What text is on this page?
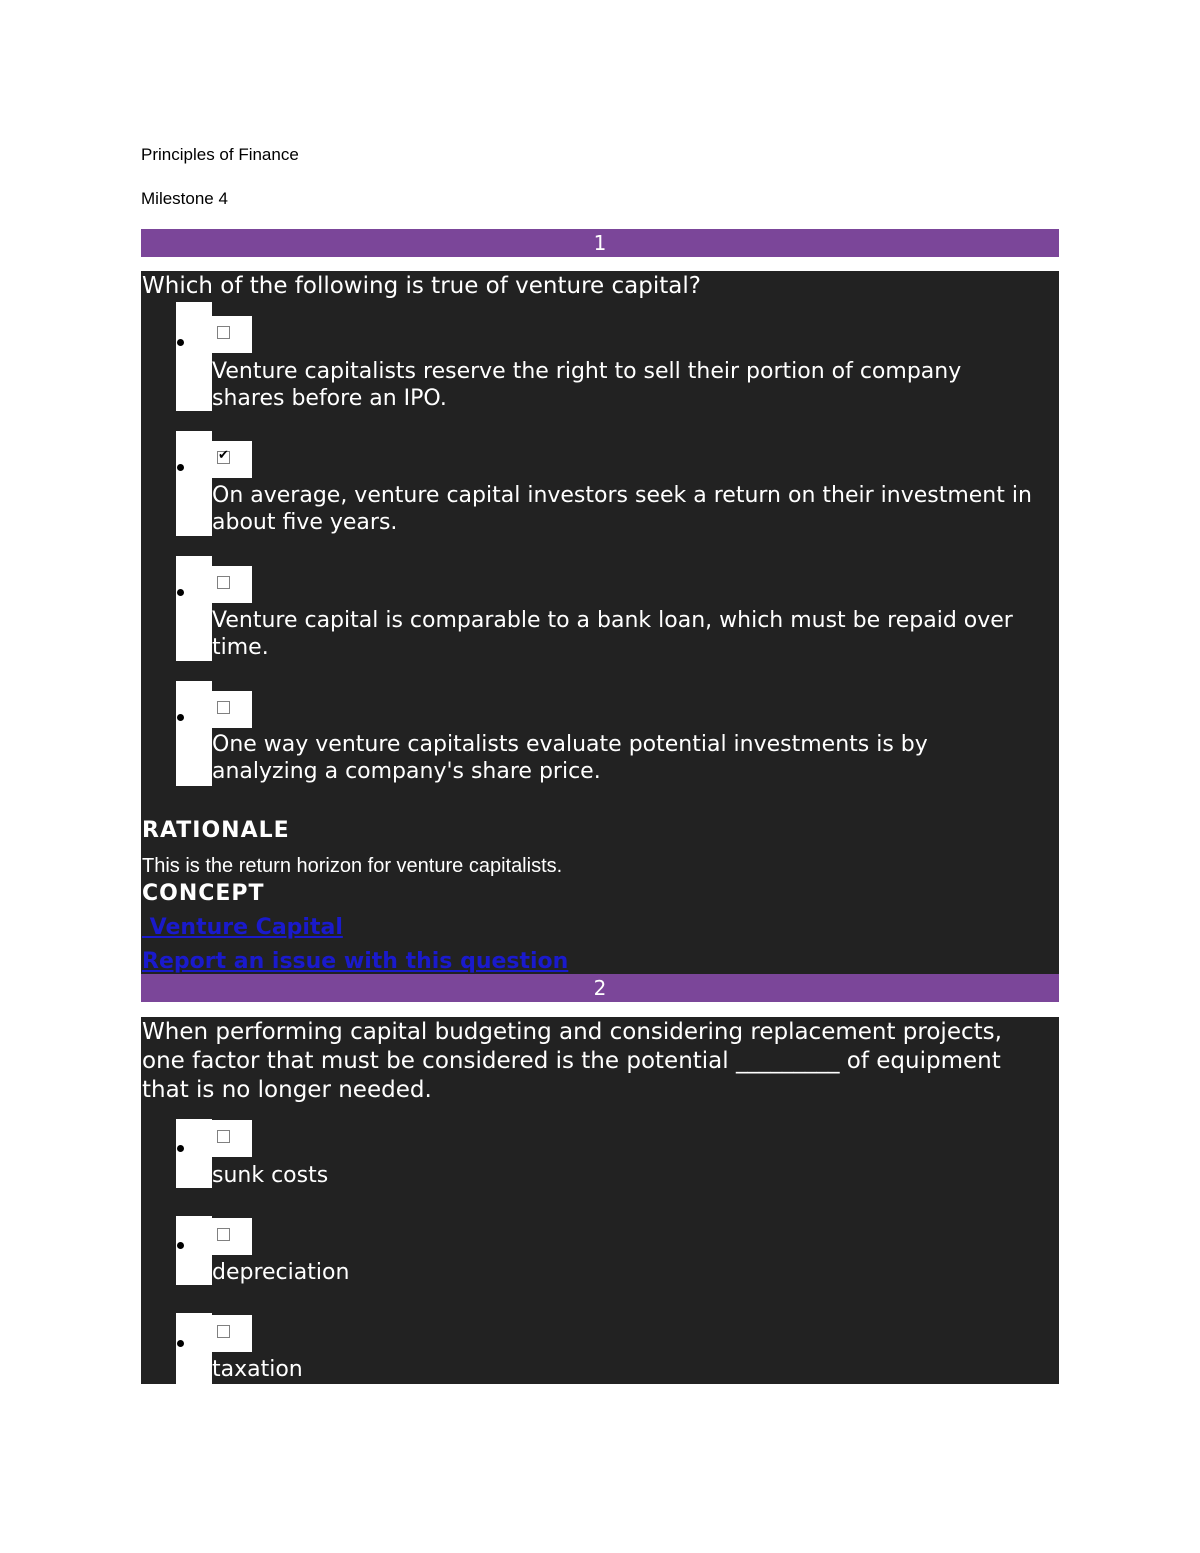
Principles of Finance
Milestone 4
1
Which of the following is true of venture capital?
Venture capitalists reserve the right to sell their portion of company shares before an IPO.
✔
On average, venture capital investors seek a return on their investment in about five years.
Venture capital is comparable to a bank loan, which must be repaid over time.
One way venture capitalists evaluate potential investments is by analyzing a company's share price.
RATIONALE
This is the return horizon for venture capitalists.
CONCEPT
Venture Capital
Report an issue with this question
2
When performing capital budgeting and considering replacement projects, one factor that must be considered is the potential _________ of equipment that is no longer needed.
sunk costs
depreciation
taxation
